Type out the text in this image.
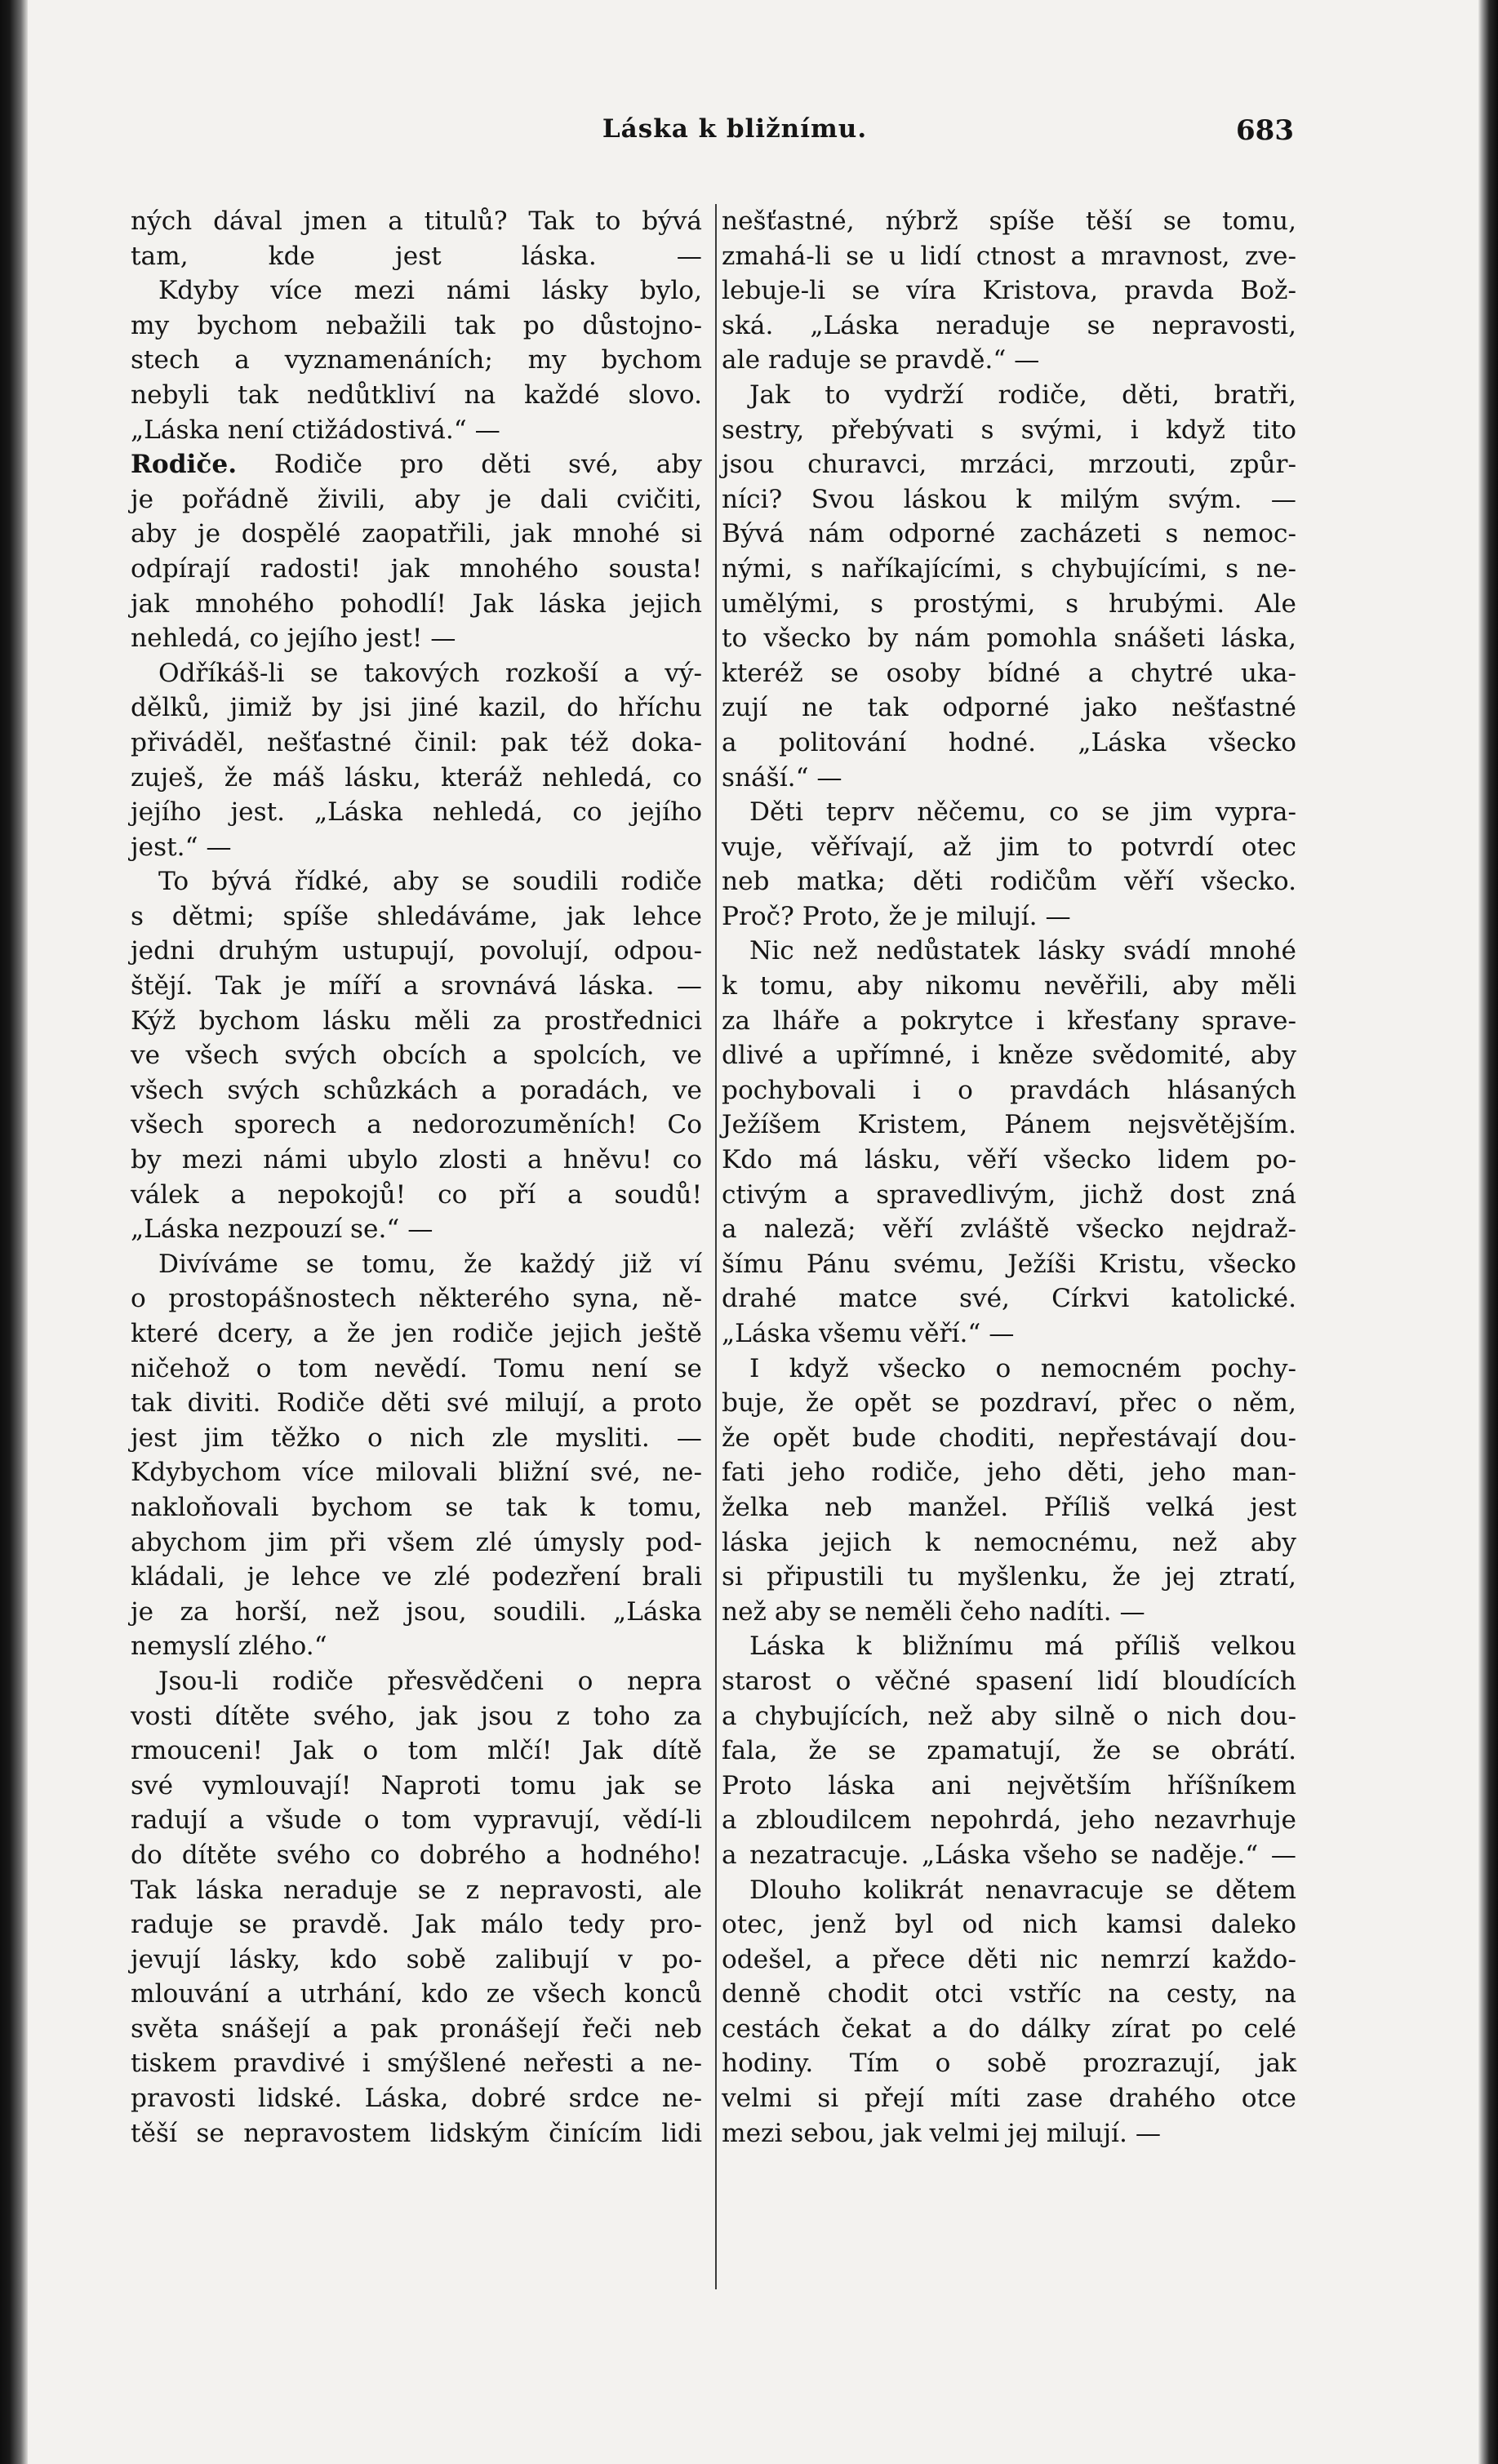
Láska k bližnímu.	683
ných dával jmen a titulů? Tak to bývá
tam, kde jest láska. —
Kdyby více mezi námi lásky bylo,
my bychom nebažili tak po důstojno-
stech a vyznamenáních; my bychom
nebyli tak nedůtkliví na každé slovo.
„Láska není ctižádostivá.“ —
Rodiče. Rodiče pro děti své, aby
je pořádně živili, aby je dali cvičiti,
aby je dospělé zaopatřili, jak mnohé si
odpírají radosti! jak mnohého sousta!
jak mnohého pohodlí! Jak láska jejich
nehledá, co jejího jest! —
Odříkáš-li se takových rozkoší a vý-
dělků, jimiž by jsi jiné kazil, do hříchu
přiváděl, nešťastné činil: pak též doka-
zuješ, že máš lásku, kteráž nehledá, co
jejího jest. „Láska nehledá, co jejího
jest.“ —
To bývá řídké, aby se soudili rodiče
s dětmi; spíše shledáváme, jak lehce
jedni druhým ustupují, povolují, odpou-
štějí. Tak je míří a srovnává láska. —
Kýž bychom lásku měli za prostřednici
ve všech svých obcích a spolcích, ve
všech svých schůzkách a poradách, ve
všech sporech a nedorozuměních! Co
by mezi námi ubylo zlosti a hněvu! co
válek a nepokojů! co pří a soudů!
„Láska nezpouzí se.“ —
Divíváme se tomu, že každý již ví
o prostopášnostech některého syna, ně-
které dcery, a že jen rodiče jejich ještě
ničehož o tom nevědí. Tomu není se
tak diviti. Rodiče děti své milují, a proto
jest jim těžko o nich zle mysliti. —
Kdybychom více milovali bližní své, ne-
nakloňovali bychom se tak k tomu,
abychom jim při všem zlé úmysly pod-
kládali, je lehce ve zlé podezření brali
je za horší, než jsou, soudili. „Láska
nemyslí zlého.“
Jsou-li rodiče přesvědčeni o nepra
vosti dítěte svého, jak jsou z toho za
rmouceni! Jak o tom mlčí! Jak dítě
své vymlouvají! Naproti tomu jak se
radují a všude o tom vypravují, vědí-li
do dítěte svého co dobrého a hodného!
Tak láska neraduje se z nepravosti, ale
raduje se pravdě. Jak málo tedy pro-
jevují lásky, kdo sobě zalibují v po-
mlouvání a utrhání, kdo ze všech konců
světa snášejí a pak pronášejí řeči neb
tiskem pravdivé i smýšlené neřesti a ne-
pravosti lidské. Láska, dobré srdce ne-
těší se nepravostem lidským činícím lidi
nešťastné, nýbrž spíše těší se tomu,
zmahá-li se u lidí ctnost a mravnost, zve-
lebuje-li se víra Kristova, pravda Bož-
ská. „Láska neraduje se nepravosti,
ale raduje se pravdě.“ —
Jak to vydrží rodiče, děti, bratři,
sestry, přebývati s svými, i když tito
jsou churavci, mrzáci, mrzouti, způr-
níci? Svou láskou k milým svým. —
Bývá nám odporné zacházeti s nemoc-
nými, s naříkajícími, s chybujícími, s ne-
umělými, s prostými, s hrubými. Ale
to všecko by nám pomohla snášeti láska,
kteréž se osoby bídné a chytré uka-
zují ne tak odporné jako nešťastné
a politování hodné. „Láska všecko
snáší.“ —
Děti teprv něčemu, co se jim vypra-
vuje, věřívají, až jim to potvrdí otec
neb matka; děti rodičům věří všecko.
Proč? Proto, že je milují. —
Nic než nedůstatek lásky svádí mnohé
k tomu, aby nikomu nevěřili, aby měli
za lháře a pokrytce i křesťany sprave-
dlivé a upřímné, i kněze svědomité, aby
pochybovali i o pravdách hlásaných
Ježíšem Kristem, Pánem nejsvětějším.
Kdo má lásku, věří všecko lidem po-
ctivým a spravedlivým, jichž dost zná
a naleză; věří zvláště všecko nejdraž-
šímu Pánu svému, Ježíši Kristu, všecko
drahé matce své, Církvi katolické.
„Láska všemu věří.“ —
I když všecko o nemocném pochy-
buje, že opět se pozdraví, přec o něm,
že opět bude choditi, nepřestávají dou-
fati jeho rodiče, jeho děti, jeho man-
želka neb manžel. Příliš velká jest
láska jejich k nemocnému, než aby
si připustili tu myšlenku, že jej ztratí,
než aby se neměli čeho nadíti. —
Láska k bližnímu má příliš velkou
starost o věčné spasení lidí bloudících
a chybujících, než aby silně o nich dou-
fala, že se zpamatují, že se obrátí.
Proto láska ani největším hříšníkem
a zbloudilcem nepohrdá, jeho nezavrhuje
a nezatracuje. „Láska všeho se naděje.“ —
Dlouho kolikrát nenavracuje se dětem
otec, jenž byl od nich kamsi daleko
odešel, a přece děti nic nemrzí každo-
denně chodit otci vstříc na cesty, na
cestách čekat a do dálky zírat po celé
hodiny. Tím o sobě prozrazují, jak
velmi si přejí míti zase drahého otce
mezi sebou, jak velmi jej milují. —
